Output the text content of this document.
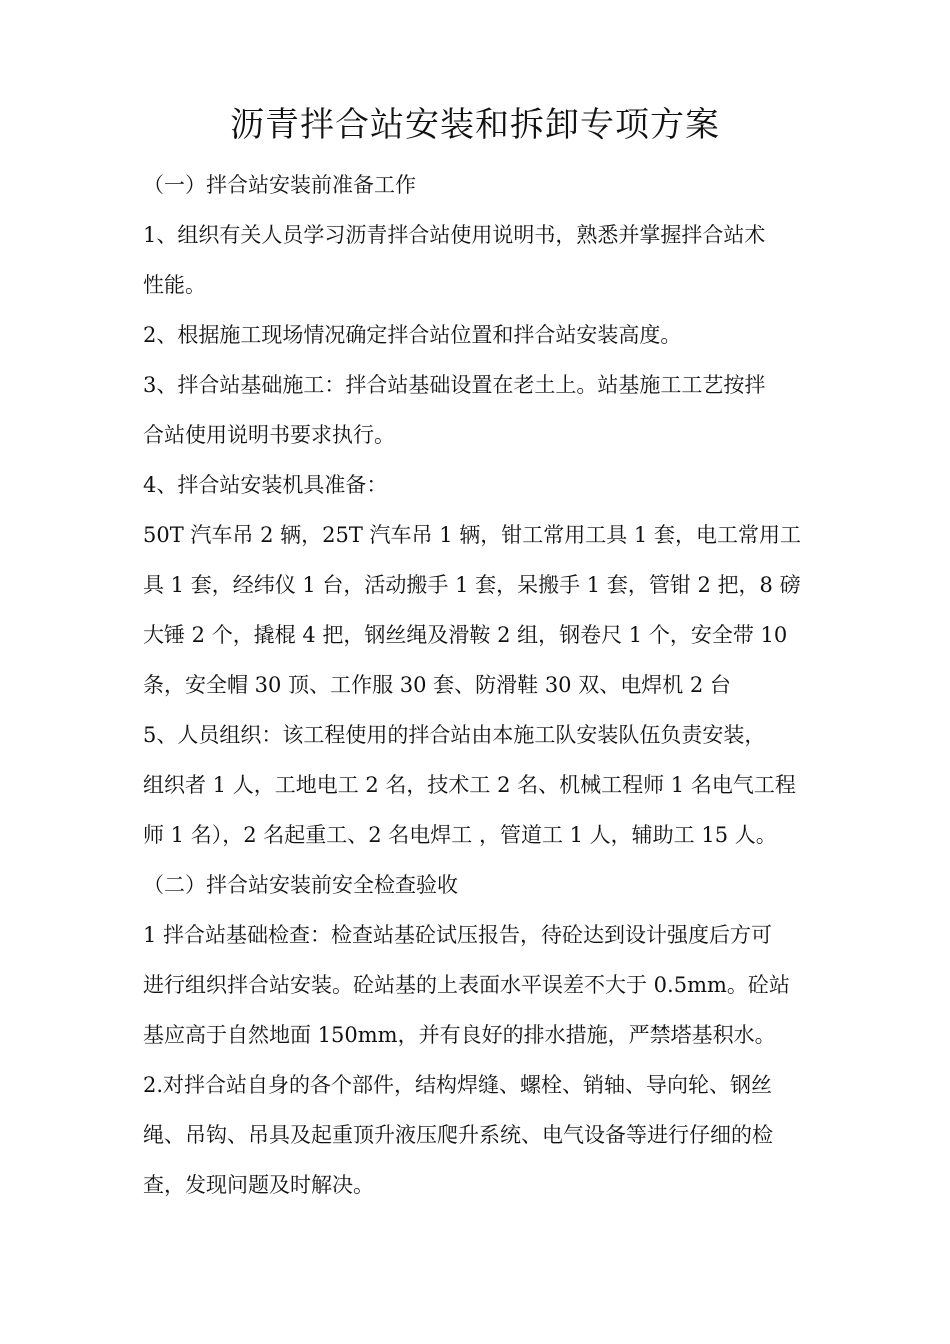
沥青拌合站安装和拆卸专项方案
（一）拌合站安装前准备工作
1、组织有关人员学习沥青拌合站使用说明书，熟悉并掌握拌合站术
性能。
2、根据施工现场情况确定拌合站位置和拌合站安装高度。
3、拌合站基础施工：拌合站基础设置在老土上。站基施工工艺按拌
合站使用说明书要求执行。
4、拌合站安装机具准备：
50T 汽车吊 2 辆，25T 汽车吊 1 辆，钳工常用工具 1 套，电工常用工
具 1 套，经纬仪 1 台，活动搬手 1 套，呆搬手 1 套，管钳 2 把，8 磅
大锤 2 个，撬棍 4 把，钢丝绳及滑鞍 2 组，钢卷尺 1 个，安全带 10
条，安全帽 30 顶、工作服 30 套、防滑鞋 30 双、电焊机 2 台
5、人员组织：该工程使用的拌合站由本施工队安装队伍负责安装，
组织者 1 人，工地电工 2 名，技术工 2 名、机械工程师 1 名电气工程
师 1 名），2 名起重工、2 名电焊工 ，管道工 1 人，辅助工 15 人。
（二）拌合站安装前安全检查验收
1 拌合站基础检查：检查站基砼试压报告，待砼达到设计强度后方可
进行组织拌合站安装。砼站基的上表面水平误差不大于 0.5mm。砼站
基应高于自然地面 150mm，并有良好的排水措施，严禁塔基积水。
2.对拌合站自身的各个部件，结构焊缝、螺栓、销轴、导向轮、钢丝
绳、吊钩、吊具及起重顶升液压爬升系统、电气设备等进行仔细的检
查，发现问题及时解决。
